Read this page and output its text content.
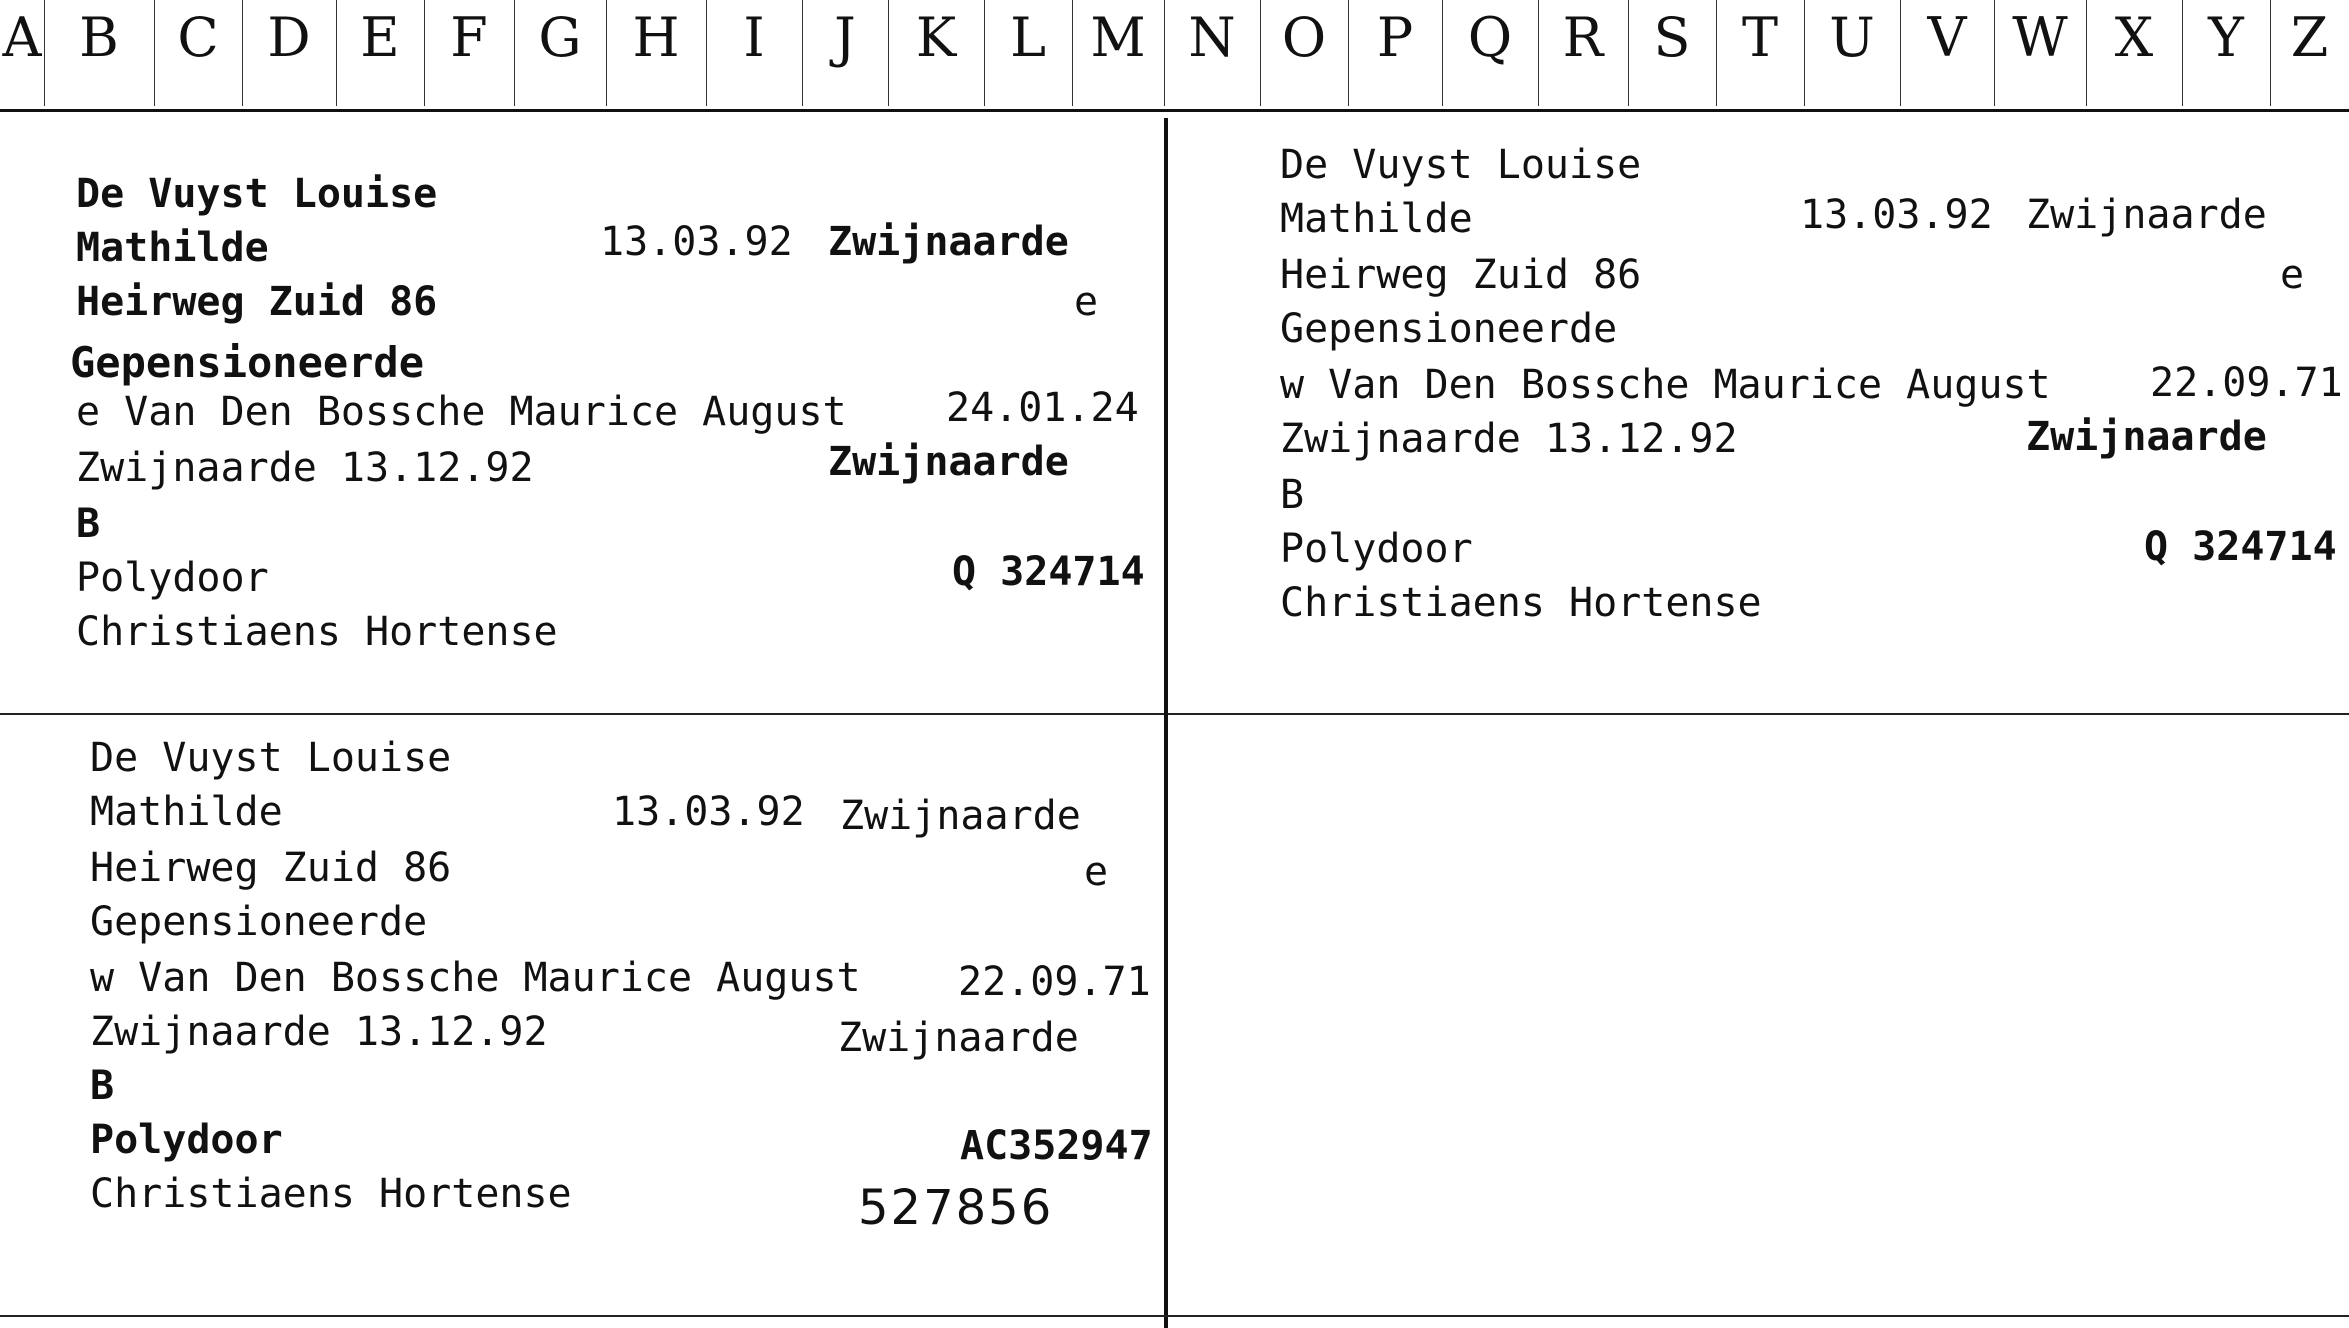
A B	C D E F G H	I	J	K L M N O P	Q R S T U V W X	Y Z
De Vuyst Louise
Mathilde	13.03.92 Zwijnaarde
Heirweg Zuid 86	e
Gepensioneerde
e Van Den Bossche Maurice August 24.01.24
Zwijnaarde 13.12.92	Zwijnaarde
B
Polydoor	Q 324714
Christiaens Hortense
De Vuyst Louise
Mathilde	13.03.92 Zwijnaarde
Heirweg Zuid 86	e
Gepensioneerde
w Van Den Bossche Maurice August 22.09.71
Zwijnaarde 13.12.92	Zwijnaarde
B
Polydoor	Q 324714
Christiaens Hortense
De Vuyst Louise
Mathilde	13.03.92 Zwijnaarde
Heirweg Zuid 86	e
Gepensioneerde
w Van Den Bossche Maurice August 22.09.71
Zwijnaarde 13.12.92	Zwijnaarde
B
Polydoor	AC352947
Christiaens Hortense	527856
